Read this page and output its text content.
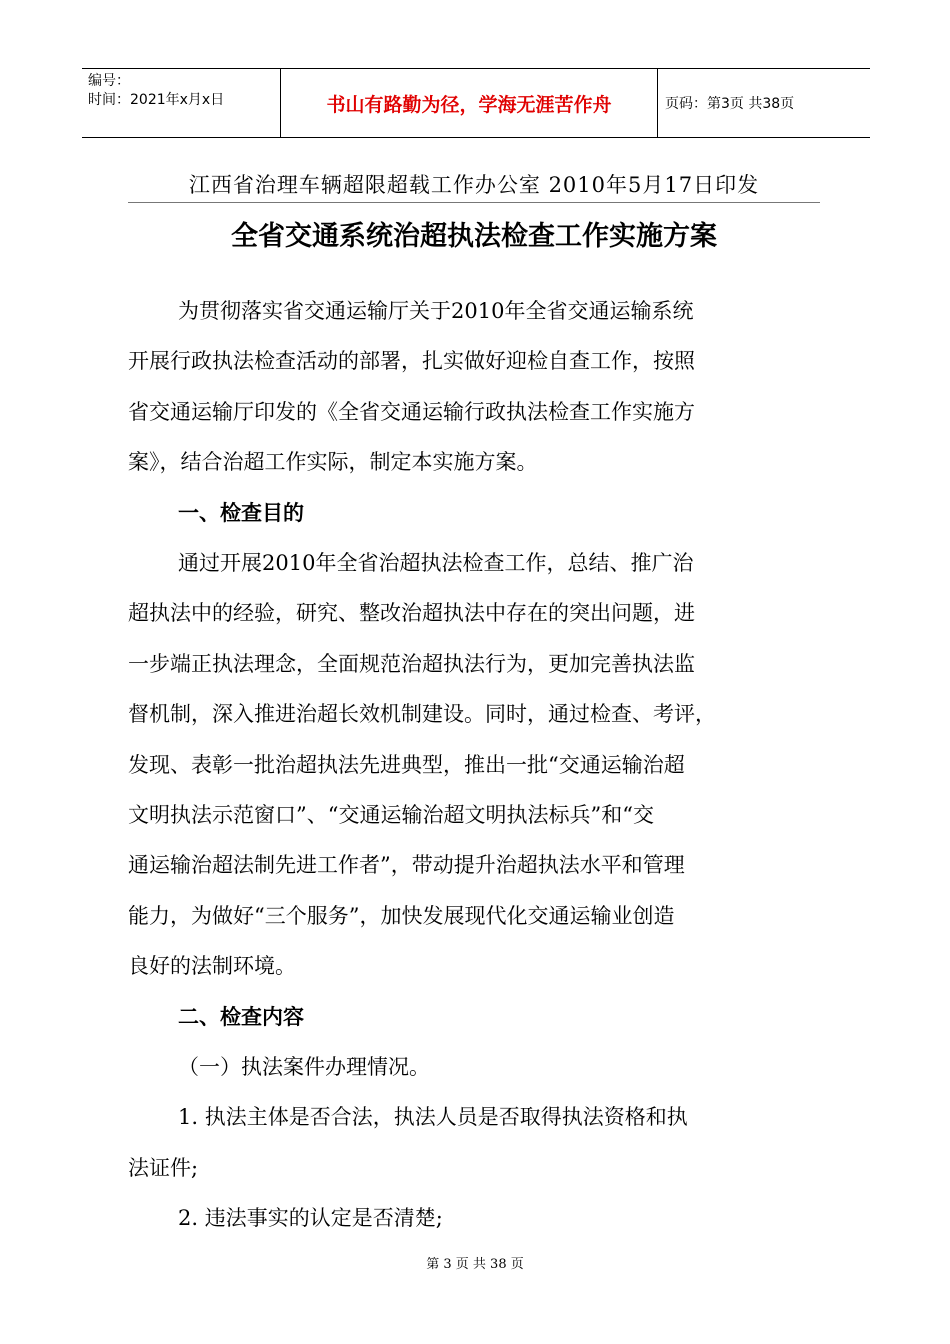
编号：
时间：2021年x月x日	书山有路勤为径，学海无涯苦作舟	页码：第3页 共38页
江西省治理车辆超限超载工作办公室 2010年5月17日印发
全省交通系统治超执法检查工作实施方案
为贯彻落实省交通运输厅关于2010年全省交通运输系统
开展行政执法检查活动的部署，扎实做好迎检自查工作，按照
省交通运输厅印发的《全省交通运输行政执法检查工作实施方
案》，结合治超工作实际，制定本实施方案。
一、检查目的
通过开展2010年全省治超执法检查工作，总结、推广治
超执法中的经验，研究、整改治超执法中存在的突出问题，进
一步端正执法理念，全面规范治超执法行为，更加完善执法监
督机制，深入推进治超长效机制建设。同时，通过检查、考评，
发现、表彰一批治超执法先进典型，推出一批“交通运输治超
文明执法示范窗口”、“交通运输治超文明执法标兵”和“交
通运输治超法制先进工作者”，带动提升治超执法水平和管理
能力，为做好“三个服务”，加快发展现代化交通运输业创造
良好的法制环境。
二、检查内容
（一）执法案件办理情况。
1. 执法主体是否合法，执法人员是否取得执法资格和执
法证件;
2. 违法事实的认定是否清楚;
第 3 页 共 38 页
